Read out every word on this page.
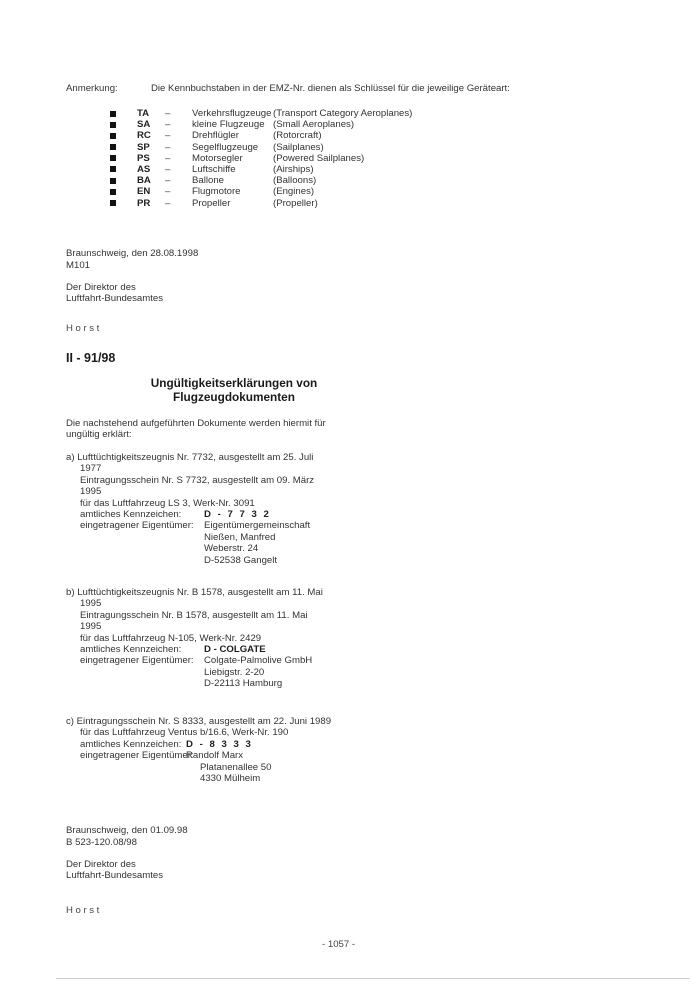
Anmerkung:	Die Kennbuchstaben in der EMZ-Nr. dienen als Schlüssel für die jeweilige Geräteart:
TA – Verkehrsflugzeuge (Transport Category Aeroplanes)
SA – kleine Flugzeuge (Small Aeroplanes)
RC – Drehflügler	(Rotorcraft)
SP – Segelflugzeuge (Sailplanes)
PS – Motorsegler	(Powered Sailplanes)
AS – Luftschiffe	(Airships)
BA – Ballone	(Balloons)
EN – Flugmotore	(Engines)
PR – Propeller	(Propeller)
Braunschweig, den 28.08.1998
M101
Der Direktor des
Luftfahrt-Bundesamtes
Horst
II - 91/98
Ungültigkeitserklärungen von
Flugzeugdokumenten
Die nachstehend aufgeführten Dokumente werden hiermit für
ungültig erklärt:
a) Lufttüchtigkeitszeugnis Nr. 7732, ausgestellt am 25. Juli
1977
Eintragungsschein Nr. S 7732, ausgestellt am 09. März
1995
für das Luftfahrzeug LS 3, Werk-Nr. 3091
amtliches Kennzeichen: D - 7 7 3 2
eingetragener Eigentümer: Eigentümergemeinschaft
Nießen, Manfred
Weberstr. 24
D-52538 Gangelt
b) Lufttüchtigkeitszeugnis Nr. B 1578, ausgestellt am 11. Mai
1995
Eintragungsschein Nr. B 1578, ausgestellt am 11. Mai
1995
für das Luftfahrzeug N-105, Werk-Nr. 2429
amtliches Kennzeichen: D - COLGATE
eingetragener Eigentümer: Colgate-Palmolive GmbH
Liebigstr. 2-20
D-22113 Hamburg
c) Eintragungsschein Nr. S 8333, ausgestellt am 22. Juni 1989
für das Luftfahrzeug Ventus b/16.6, Werk-Nr. 190
amtliches Kennzeichen: D - 8 3 3 3
eingetragener Eigentümer:
Randolf Marx
Platanenallee 50
4330 Mülheim
Braunschweig, den 01.09.98
B 523-120.08/98
Der Direktor des
Luftfahrt-Bundesamtes
Horst
- 1057 -
